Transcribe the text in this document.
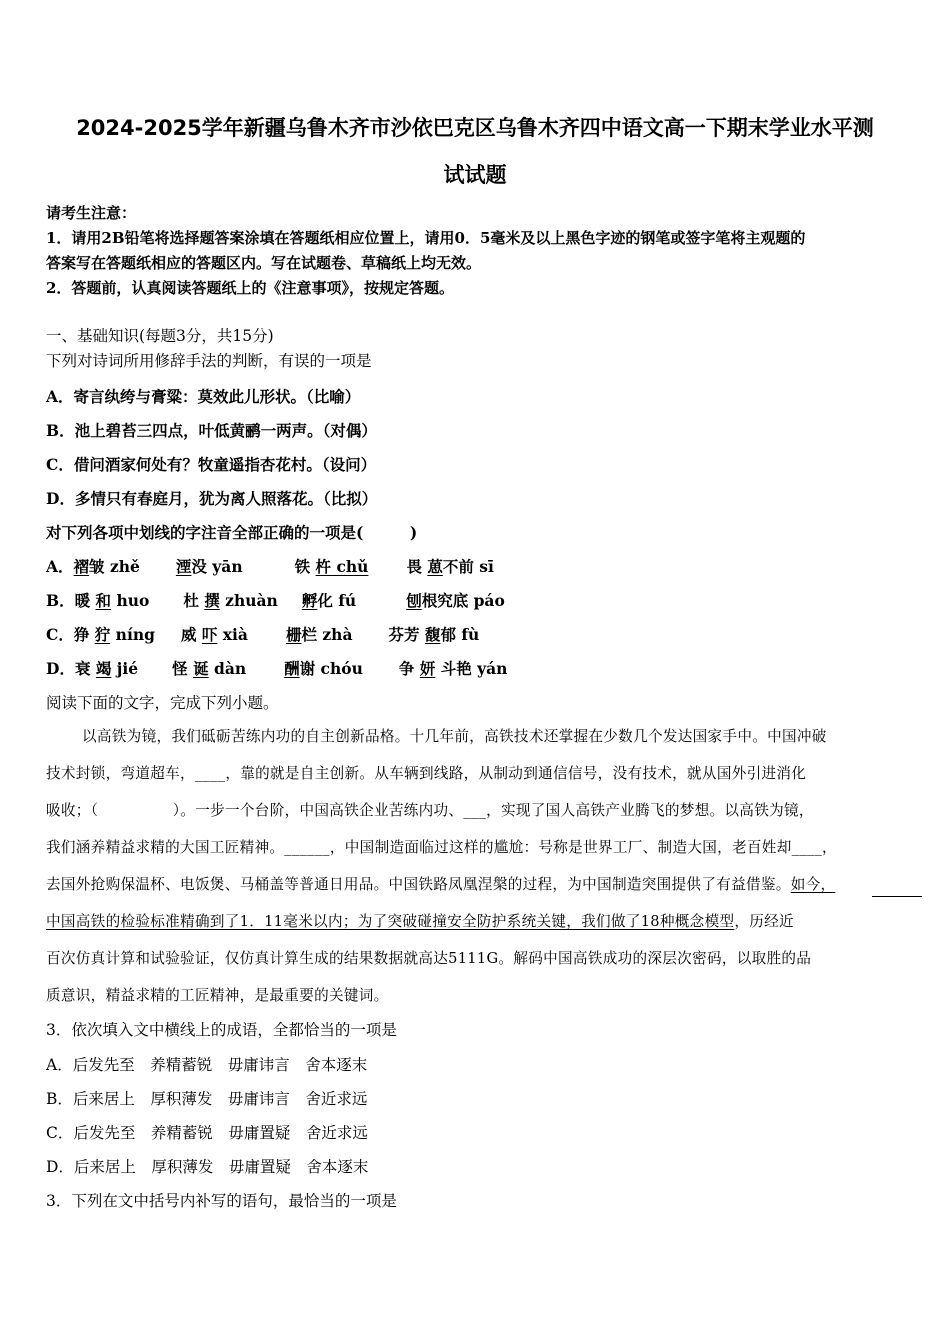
2024-2025学年新疆乌鲁木齐市沙依巴克区乌鲁木齐四中语文高一下期末学业水平测
试试题
请考生注意：
1．请用2B铅笔将选择题答案涂填在答题纸相应位置上，请用0．5毫米及以上黑色字迹的钢笔或签字笔将主观题的
答案写在答题纸相应的答题区内。写在试题卷、草稿纸上均无效。
2．答题前，认真阅读答题纸上的《注意事项》，按规定答题。
一、基础知识(每题3分，共15分)
下列对诗词所用修辞手法的判断，有误的一项是
A．寄言纨绔与膏粱：莫效此儿形状。（比喻）
B．池上碧苔三四点，叶低黄鹂一两声。（对偶）
C．借问酒家何处有？牧童遥指杏花村。（设问）
D．多情只有春庭月，犹为离人照落花。（比拟）
对下列各项中划线的字注音全部正确的一项是(　　　)
A．褶皱 zhě 湮没 yān	铁 杵 chǔ 畏 葸不前 sī
B．暖 和 huo 杜 撰 zhuàn 孵化 fú	刨根究底 páo
C．狰 狞 níng 威 吓 xià 栅栏 zhà 芬芳 馥郁 fù
D．衰 竭 jié 怪 诞 dàn 酬谢 chóu 争 妍 斗艳 yán
阅读下面的文字，完成下列小题。
以高铁为镜，我们砥砺苦练内功的自主创新品格。十几年前，高铁技术还掌握在少数几个发达国家手中。中国冲破
技术封锁，弯道超车，____，靠的就是自主创新。从车辆到线路，从制动到通信信号，没有技术，就从国外引进消化
吸收；（　　　　　）。一步一个台阶，中国高铁企业苦练内功、___，实现了国人高铁产业腾飞的梦想。以高铁为镜，
我们涵养精益求精的大国工匠精神。______，中国制造面临过这样的尴尬：号称是世界工厂、制造大国，老百姓却____，
去国外抢购保温杯、电饭煲、马桶盖等普通日用品。中国铁路凤凰涅槃的过程，为中国制造突围提供了有益借鉴。如今，
中国高铁的检验标准精确到了1．11毫米以内；为了突破碰撞安全防护系统关键，我们做了18种概念模型，历经近
百次仿真计算和试验验证，仅仿真计算生成的结果数据就高达5111G。解码中国高铁成功的深层次密码，以取胜的品
质意识，精益求精的工匠精神，是最重要的关键词。
3．依次填入文中横线上的成语，全都恰当的一项是
A．后发先至　养精蓄锐　毋庸讳言　舍本逐末
B．后来居上　厚积薄发　毋庸讳言　舍近求远
C．后发先至　养精蓄锐　毋庸置疑　舍近求远
D．后来居上　厚积薄发　毋庸置疑　舍本逐末
3．下列在文中括号内补写的语句，最恰当的一项是
